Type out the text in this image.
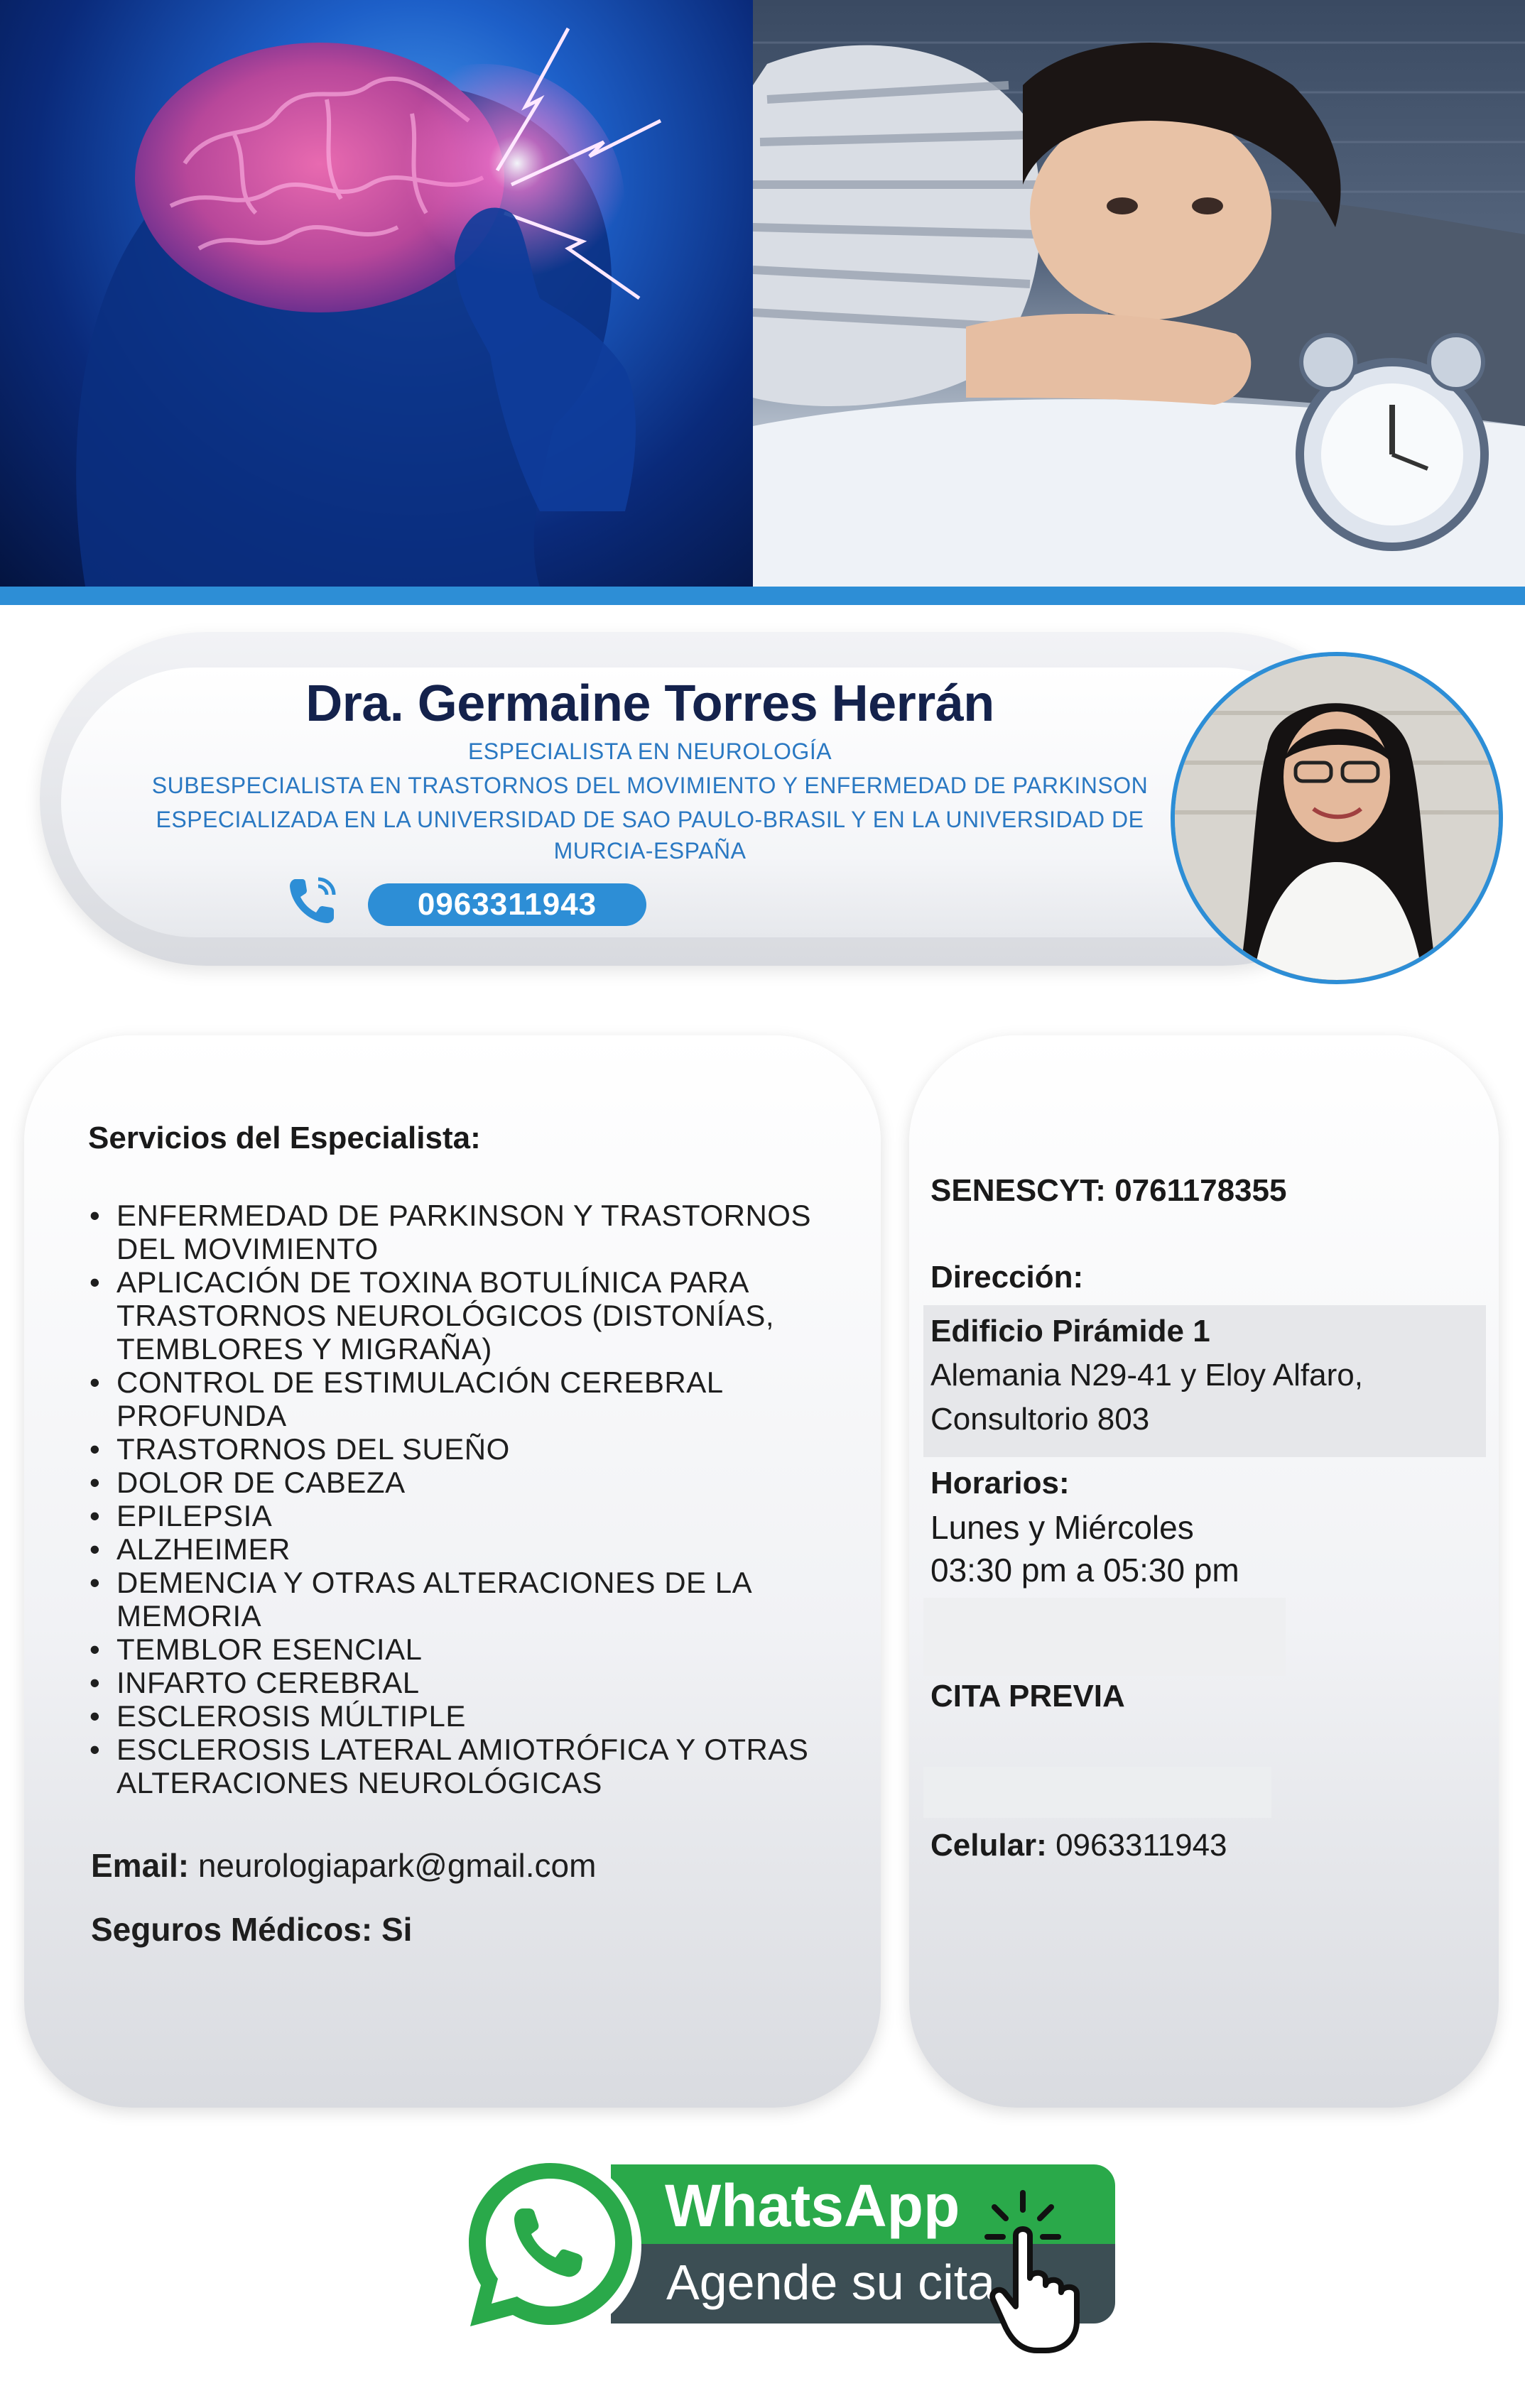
Dra. Germaine Torres Herrán
ESPECIALISTA EN NEUROLOGÍA
SUBESPECIALISTA EN TRASTORNOS DEL MOVIMIENTO Y ENFERMEDAD DE PARKINSON
ESPECIALIZADA EN LA UNIVERSIDAD DE SAO PAULO-BRASIL Y EN LA UNIVERSIDAD DE
MURCIA-ESPAÑA
0963311943
Servicios del Especialista:
• ENFERMEDAD DE PARKINSON Y TRASTORNOS DEL MOVIMIENTO
• APLICACIÓN DE TOXINA BOTULÍNICA PARA TRASTORNOS NEUROLÓGICOS (DISTONÍAS, TEMBLORES Y MIGRAÑA)
• CONTROL DE ESTIMULACIÓN CEREBRAL PROFUNDA
• TRASTORNOS DEL SUEÑO
• DOLOR DE CABEZA
• EPILEPSIA
• ALZHEIMER
• DEMENCIA Y OTRAS ALTERACIONES DE LA MEMORIA
• TEMBLOR ESENCIAL
• INFARTO CEREBRAL
• ESCLEROSIS MÚLTIPLE
• ESCLEROSIS LATERAL AMIOTRÓFICA Y OTRAS ALTERACIONES NEUROLÓGICAS
Email: neurologiapark@gmail.com
Seguros Médicos: Si
SENESCYT: 0761178355
Dirección:
Edificio Pirámide 1
Alemania N29-41 y Eloy Alfaro,
Consultorio 803
Horarios:
Lunes y Miércoles
03:30 pm a 05:30 pm
CITA PREVIA
Celular: 0963311943
WhatsApp
Agende su cita
